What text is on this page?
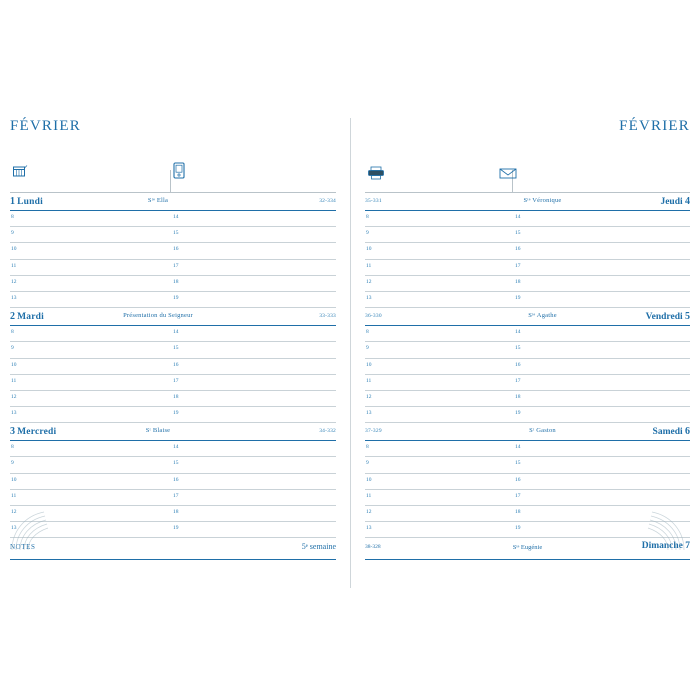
FÉVRIER
1 Lundi	Sᵗᵉ Ella	32-334
8	14
9	15
10	16
11	17
12	18
13	19
2 Mardi	Présentation du Seigneur	33-333
8	14
9	15
10	16
11	17
12	18
13	19
3 Mercredi	Sᵗ Blaise	34-332
8	14
9	15
10	16
11	17
12	18
13	19
NOTES	5ᵉ semaine
FÉVRIER
35-331	Sᵗᵉ Véronique	Jeudi 4
8	14
9	15
10	16
11	17
12	18
13	19
36-330	Sᵗᵉ Agathe	Vendredi 5
8	14
9	15
10	16
11	17
12	18
13	19
37-329	Sᵗ Gaston	Samedi 6
8	14
9	15
10	16
11	17
12	18
13	19
38-328	Sᵗᵉ Eugénie	Dimanche 7
